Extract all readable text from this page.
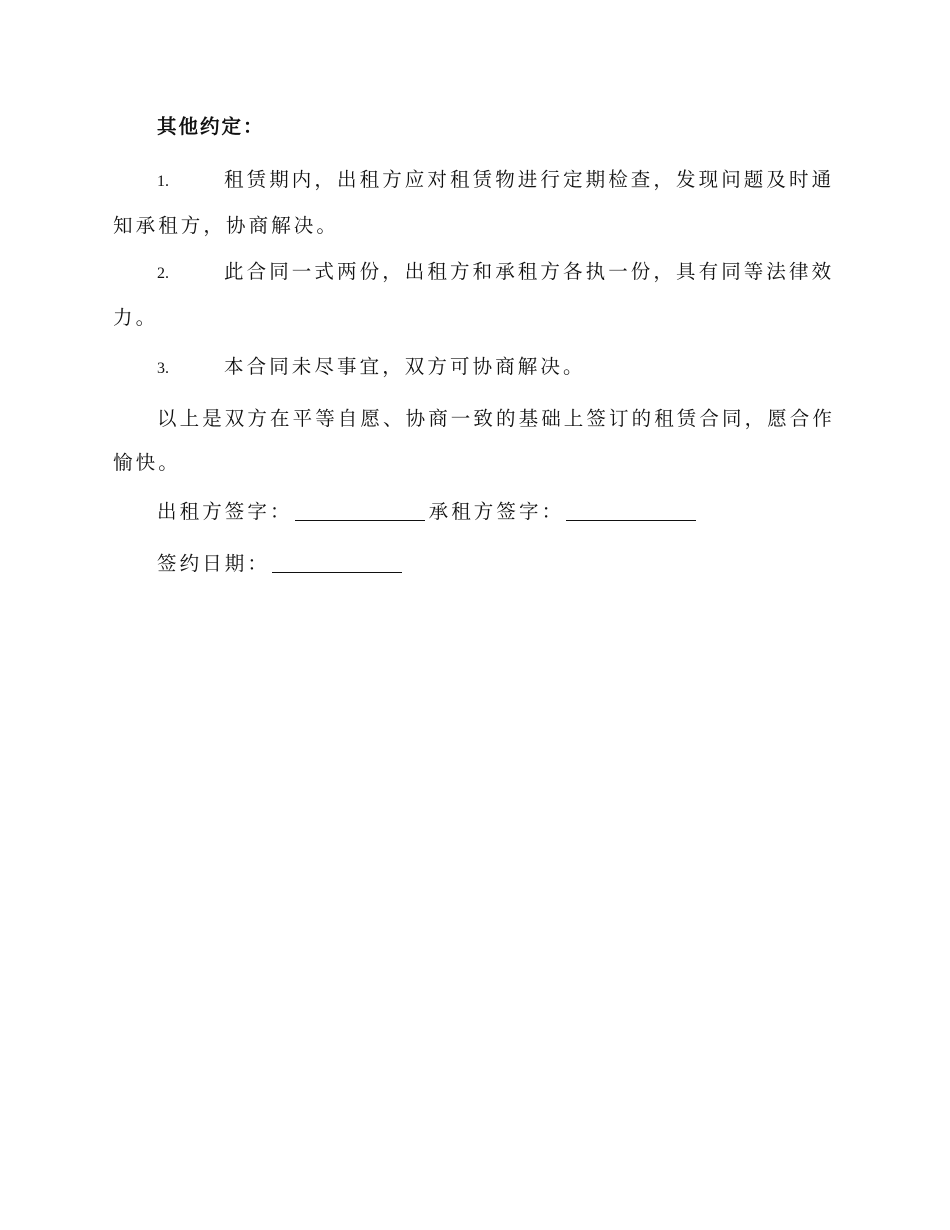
其他约定：
1.	租赁期内，出租方应对租赁物进行定期检查，发现问题及时通知承租方，协商解决。
2.	此合同一式两份，出租方和承租方各执一份，具有同等法律效力。
3.	本合同未尽事宜，双方可协商解决。
以上是双方在平等自愿、协商一致的基础上签订的租赁合同，愿合作愉快。
出租方签字：	承租方签字：
签约日期：
